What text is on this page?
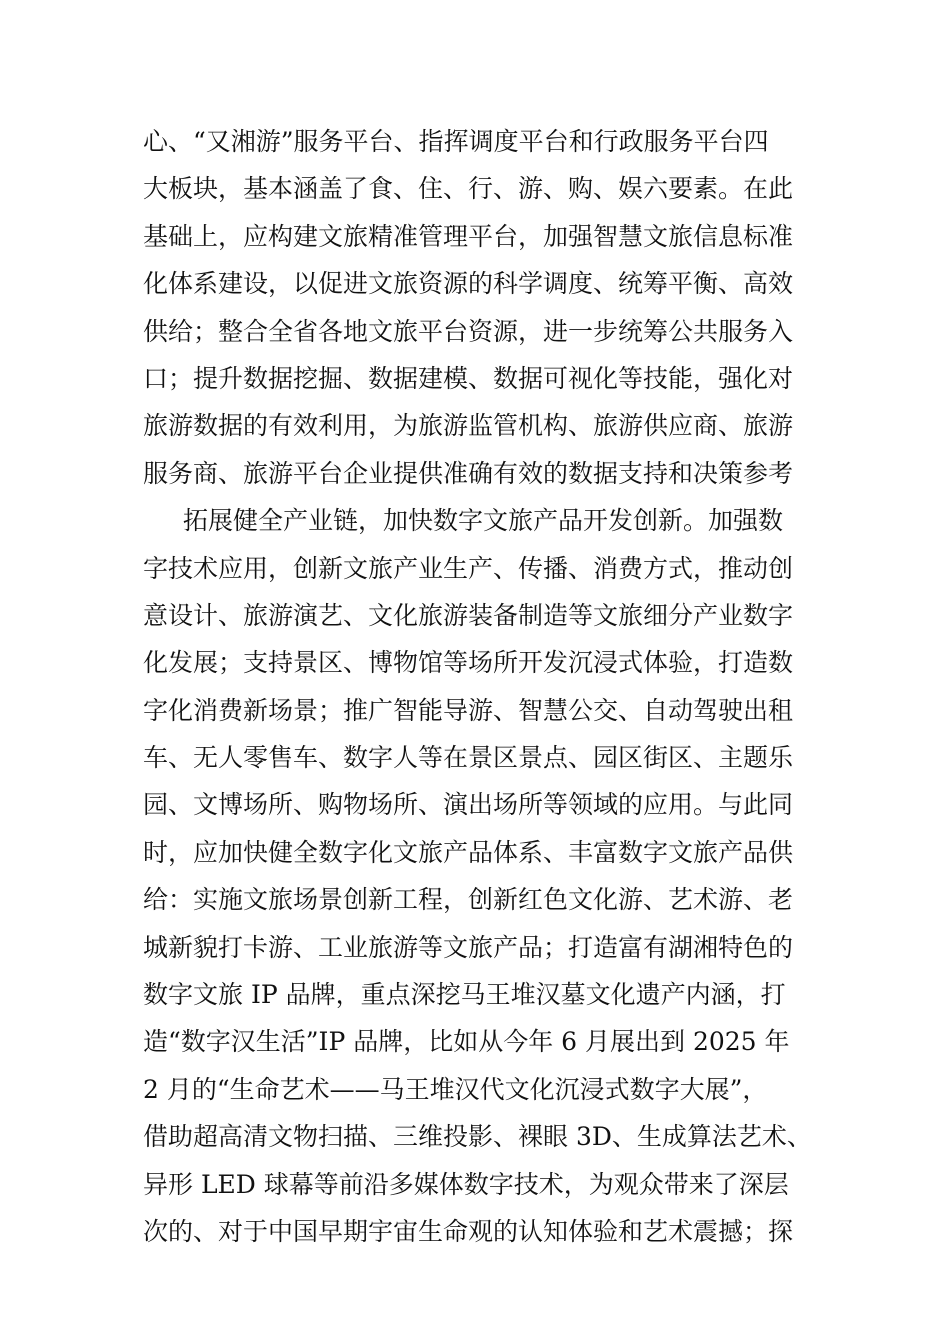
心、“又湘游”服务平台、指挥调度平台和行政服务平台四

大板块，基本涵盖了食、住、行、游、购、娱六要素。在此

基础上，应构建文旅精准管理平台，加强智慧文旅信息标准

化体系建设，以促进文旅资源的科学调度、统筹平衡、高效

供给；整合全省各地文旅平台资源，进一步统筹公共服务入

口；提升数据挖掘、数据建模、数据可视化等技能，强化对

旅游数据的有效利用，为旅游监管机构、旅游供应商、旅游

服务商、旅游平台企业提供准确有效的数据支持和决策参考

拓展健全产业链，加快数字文旅产品开发创新。加强数

字技术应用，创新文旅产业生产、传播、消费方式，推动创

意设计、旅游演艺、文化旅游装备制造等文旅细分产业数字

化发展；支持景区、博物馆等场所开发沉浸式体验，打造数

字化消费新场景；推广智能导游、智慧公交、自动驾驶出租

车、无人零售车、数字人等在景区景点、园区街区、主题乐

园、文博场所、购物场所、演出场所等领域的应用。与此同

时，应加快健全数字化文旅产品体系、丰富数字文旅产品供

给：实施文旅场景创新工程，创新红色文化游、艺术游、老

城新貌打卡游、工业旅游等文旅产品；打造富有湖湘特色的

数字文旅 IP 品牌，重点深挖马王堆汉墓文化遗产内涵，打

造“数字汉生活”IP 品牌，比如从今年 6 月展出到 2025 年

2 月的“生命艺术——马王堆汉代文化沉浸式数字大展”，

借助超高清文物扫描、三维投影、裸眼 3D、生成算法艺术、

异形 LED 球幕等前沿多媒体数字技术，为观众带来了深层

次的、对于中国早期宇宙生命观的认知体验和艺术震撼；探
